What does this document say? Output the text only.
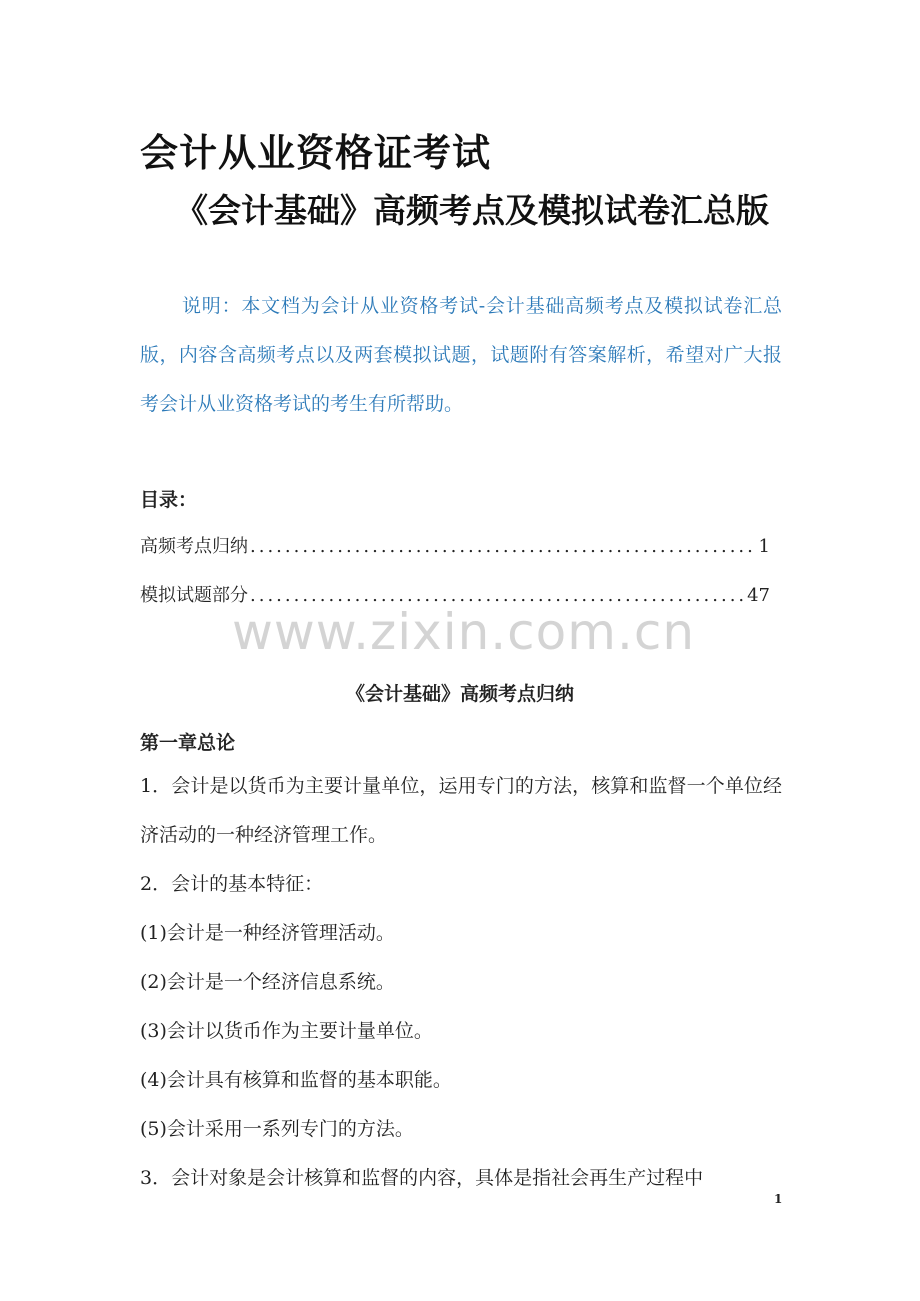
会计从业资格证考试
《会计基础》高频考点及模拟试卷汇总版
说明：本文档为会计从业资格考试-会计基础高频考点及模拟试卷汇总版，内容含高频考点以及两套模拟试题，试题附有答案解析，希望对广大报考会计从业资格考试的考生有所帮助。
目录：
高频考点归纳 .....	1
模拟试题部分 .....	47
www.zixin.com.cn
《会计基础》高频考点归纳
第一章总论

1．会计是以货币为主要计量单位，运用专门的方法，核算和监督一个单位经济活动的一种经济管理工作。

2．会计的基本特征：

(1)会计是一种经济管理活动。

(2)会计是一个经济信息系统。

(3)会计以货币作为主要计量单位。

(4)会计具有核算和监督的基本职能。

(5)会计采用一系列专门的方法。

3．会计对象是会计核算和监督的内容，具体是指社会再生产过程中

1
